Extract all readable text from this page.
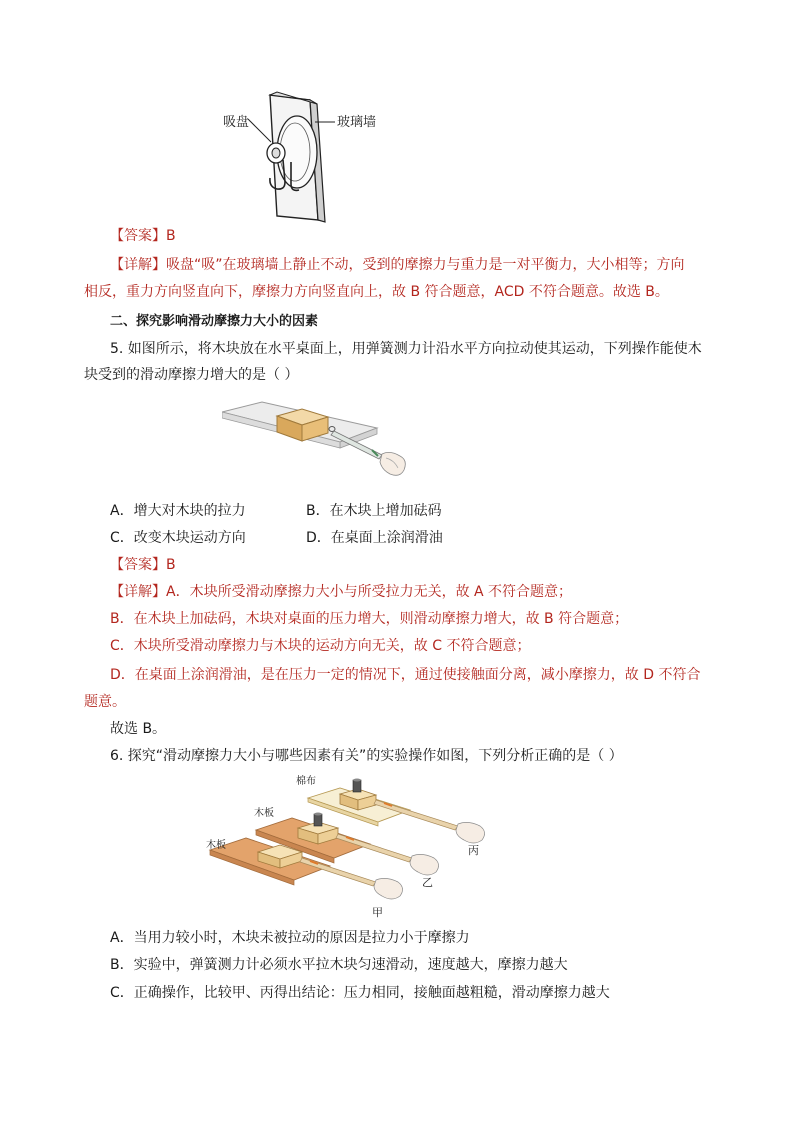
吸盘	玻璃墙
【答案】B
【详解】吸盘“吸”在玻璃墙上静止不动，受到的摩擦力与重力是一对平衡力，大小相等；方向
相反，重力方向竖直向下，摩擦力方向竖直向上，故 B 符合题意，ACD 不符合题意。故选 B。
二、探究影响滑动摩擦力大小的因素
5. 如图所示，将木块放在水平桌面上，用弹簧测力计沿水平方向拉动使其运动，下列操作能使木
块受到的滑动摩擦力增大的是（ ）
A．增大对木块的拉力	B．在木块上增加砝码
C．改变木块运动方向	D．在桌面上涂润滑油
【答案】B
【详解】A．木块所受滑动摩擦力大小与所受拉力无关，故 A 不符合题意；
B．在木块上加砝码，木块对桌面的压力增大，则滑动摩擦力增大，故 B 符合题意；
C．木块所受滑动摩擦力与木块的运动方向无关，故 C 不符合题意；
D．在桌面上涂润滑油，是在压力一定的情况下，通过使接触面分离，减小摩擦力，故 D 不符合
题意。
故选 B。
6. 探究“滑动摩擦力大小与哪些因素有关”的实验操作如图，下列分析正确的是（ ）
棉布
丙
木板
乙
木板
甲
A．当用力较小时，木块未被拉动的原因是拉力小于摩擦力
B．实验中，弹簧测力计必须水平拉木块匀速滑动，速度越大，摩擦力越大
C．正确操作，比较甲、丙得出结论：压力相同，接触面越粗糙，滑动摩擦力越大
